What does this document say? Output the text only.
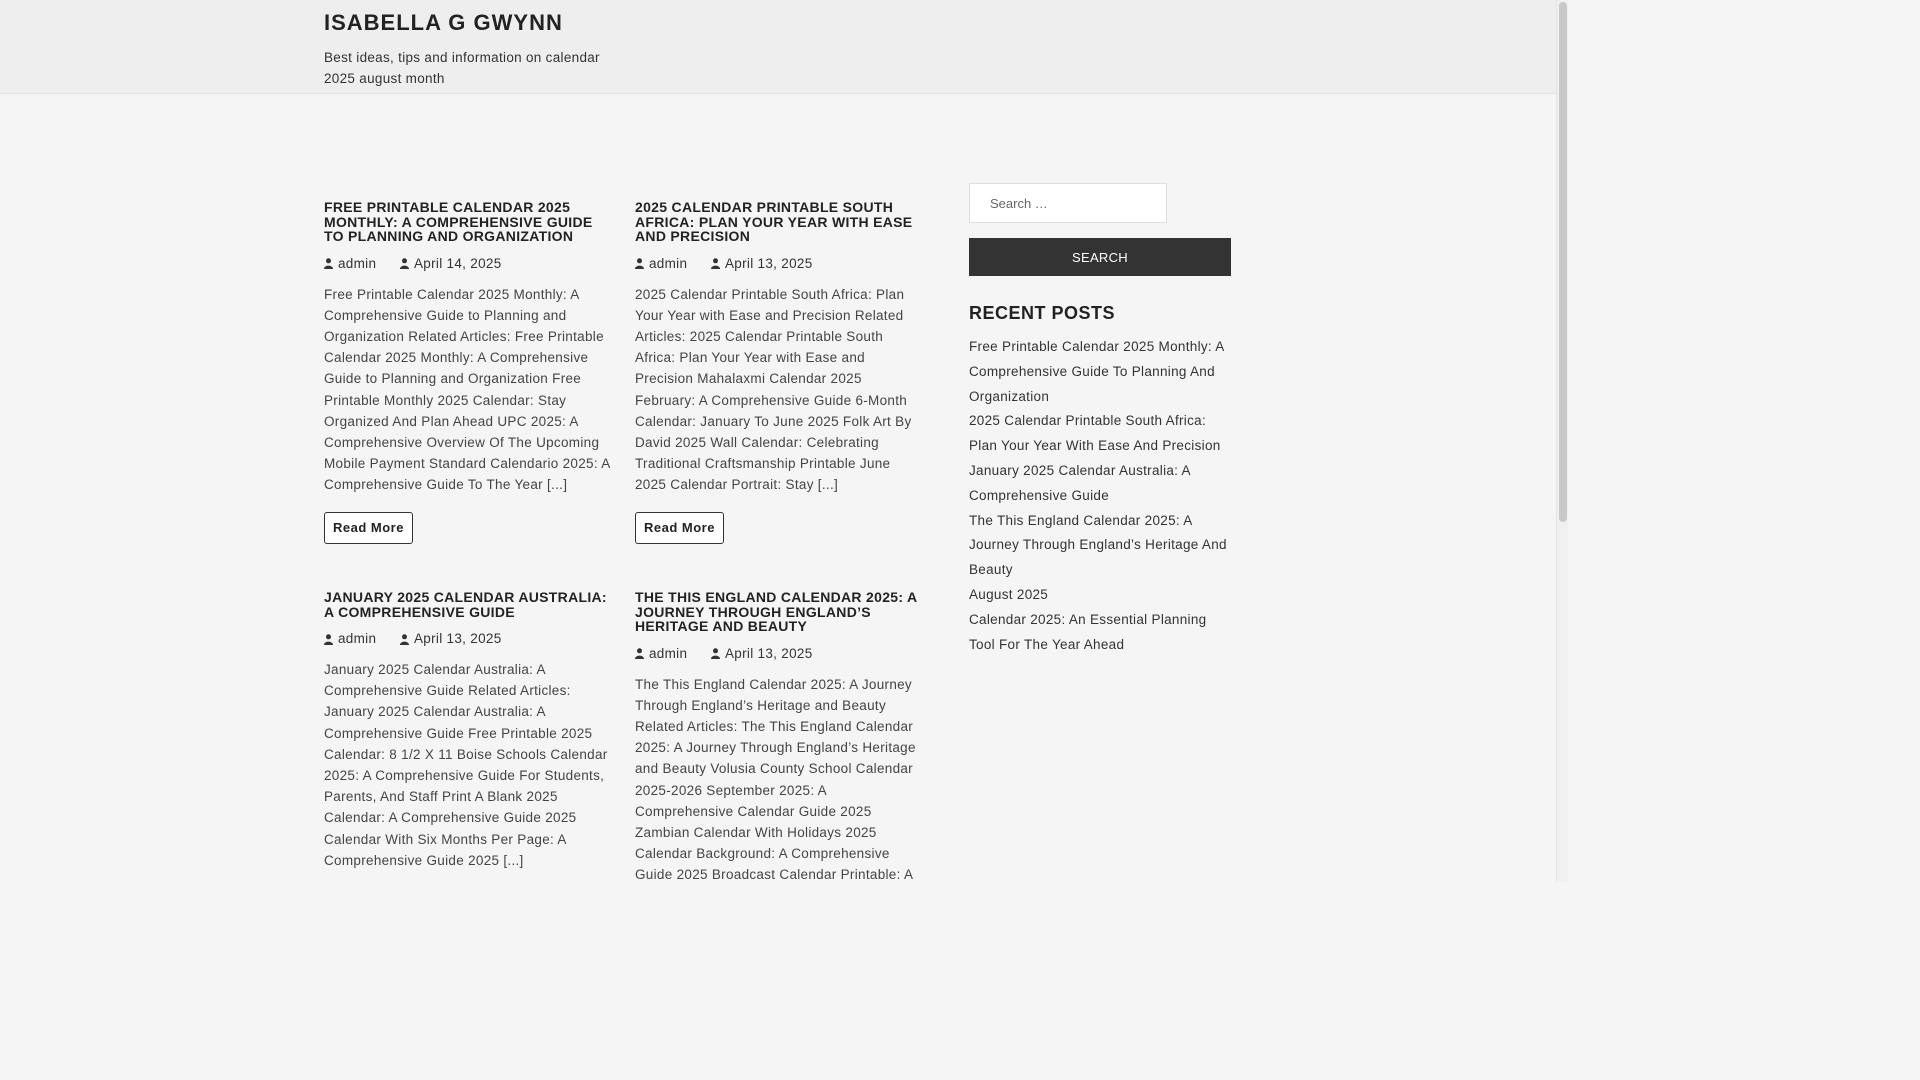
ISABELLA G GWYNN
Best ideas, tips and information on calendar 2025 august month
FREE PRINTABLE CALENDAR 2025 MONTHLY: A COMPREHENSIVE GUIDE TO PLANNING AND ORGANIZATION
admin	April 14, 2025

Free Printable Calendar 2025 Monthly: A Comprehensive Guide to Planning and Organization Related Articles: Free Printable Calendar 2025 Monthly: A Comprehensive Guide to Planning and Organization Free Printable Monthly 2025 Calendar: Stay Organized And Plan Ahead UPC 2025: A Comprehensive Overview Of The Upcoming Mobile Payment Standard Calendario 2025: A Comprehensive Guide To The Year [...]

Read More
2025 CALENDAR PRINTABLE SOUTH AFRICA: PLAN YOUR YEAR WITH EASE AND PRECISION
admin	April 13, 2025

2025 Calendar Printable South Africa: Plan Your Year with Ease and Precision Related Articles: 2025 Calendar Printable South Africa: Plan Your Year with Ease and Precision Mahalaxmi Calendar 2025 February: A Comprehensive Guide 6-Month Calendar: January To June 2025 Folk Art By David 2025 Wall Calendar: Celebrating Traditional Craftsmanship Printable June 2025 Calendar Portrait: Stay [...]

Read More
JANUARY 2025 CALENDAR AUSTRALIA: A COMPREHENSIVE GUIDE
admin	April 13, 2025

January 2025 Calendar Australia: A Comprehensive Guide Related Articles: January 2025 Calendar Australia: A Comprehensive Guide Free Printable 2025 Calendar: 8 1/2 X 11 Boise Schools Calendar 2025: A Comprehensive Guide For Students, Parents, And Staff Print A Blank 2025 Calendar: A Comprehensive Guide 2025 Calendar With Six Months Per Page: A Comprehensive Guide 2025 [...]

THE THIS ENGLAND CALENDAR 2025: A JOURNEY THROUGH ENGLAND’S HERITAGE AND BEAUTY
admin	April 13, 2025

The This England Calendar 2025: A Journey Through England’s Heritage and Beauty Related Articles: The This England Calendar 2025: A Journey Through England’s Heritage and Beauty Volusia County School Calendar 2025-2026 September 2025: A Comprehensive Calendar Guide 2025 Zambian Calendar With Holidays 2025 Calendar Background: A Comprehensive Guide 2025 Broadcast Calendar Printable: A

Search …
SEARCH
RECENT POSTS
Free Printable Calendar 2025 Monthly: A Comprehensive Guide To Planning And Organization
2025 Calendar Printable South Africa: Plan Your Year With Ease And Precision
January 2025 Calendar Australia: A Comprehensive Guide
The This England Calendar 2025: A Journey Through England’s Heritage And Beauty
August 2025
Calendar 2025: An Essential Planning Tool For The Year Ahead
